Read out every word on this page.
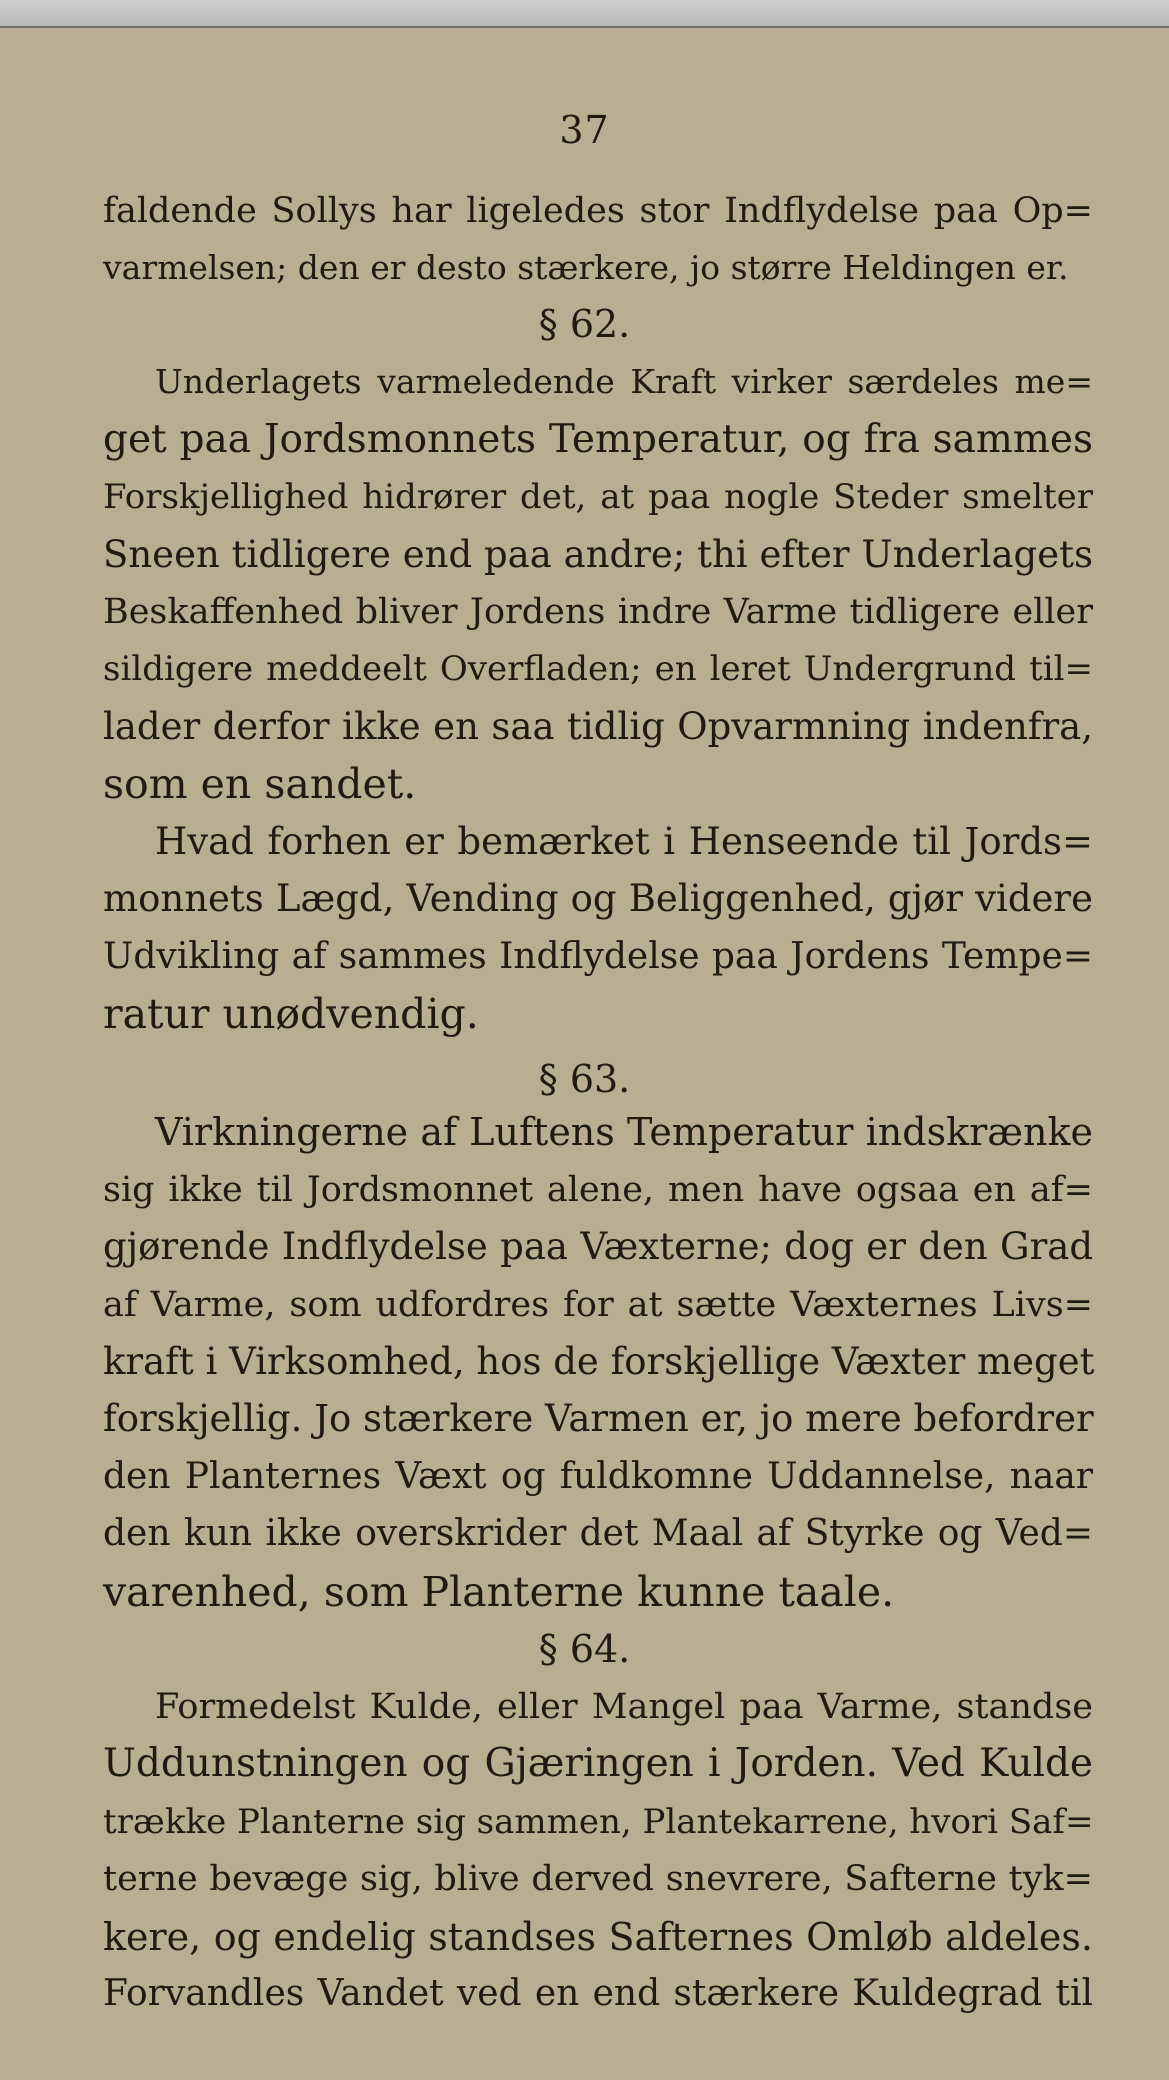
37
faldende Sollys har ligeledes stor Indflydelse paa Op=
varmelsen; den er desto stærkere, jo større Heldingen er.
§ 62.
Underlagets varmeledende Kraft virker særdeles me=
get paa Jordsmonnets Temperatur, og fra sammes
Forskjellighed hidrører det, at paa nogle Steder smelter
Sneen tidligere end paa andre; thi efter Underlagets
Beskaffenhed bliver Jordens indre Varme tidligere eller
sildigere meddeelt Overfladen; en leret Undergrund til=
lader derfor ikke en saa tidlig Opvarmning indenfra,
som en sandet.
Hvad forhen er bemærket i Henseende til Jords=
monnets Lægd, Vending og Beliggenhed, gjør videre
Udvikling af sammes Indflydelse paa Jordens Tempe=
ratur unødvendig.
§ 63.
Virkningerne af Luftens Temperatur indskrænke
sig ikke til Jordsmonnet alene, men have ogsaa en af=
gjørende Indflydelse paa Væxterne; dog er den Grad
af Varme, som udfordres for at sætte Væxternes Livs=
kraft i Virksomhed, hos de forskjellige Væxter meget
forskjellig. Jo stærkere Varmen er, jo mere befordrer
den Planternes Væxt og fuldkomne Uddannelse, naar
den kun ikke overskrider det Maal af Styrke og Ved=
varenhed, som Planterne kunne taale.
§ 64.
Formedelst Kulde, eller Mangel paa Varme, standse
Uddunstningen og Gjæringen i Jorden. Ved Kulde
trække Planterne sig sammen, Plantekarrene, hvori Saf=
terne bevæge sig, blive derved snevrere, Safterne tyk=
kere, og endelig standses Safternes Omløb aldeles.
Forvandles Vandet ved en end stærkere Kuldegrad til
